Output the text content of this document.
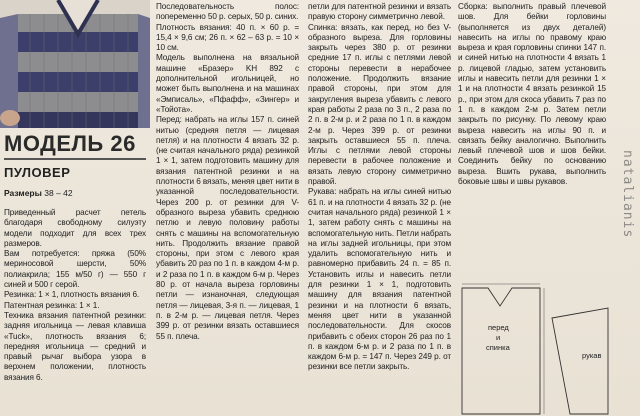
МОДЕЛЬ 26
ПУЛОВЕР
Размеры 38 – 42

Приведенный расчет петель благодаря свободному силуэту модели подходит для всех трех размеров.

Вам потребуется: пряжа (50% мериносовой шерсти, 50% полиакрила; 155 м/50 г) — 550 г синей и 500 г серой.

Резинка: 1 × 1, плотность вязания 6.

Патентная резинка: 1 × 1.

Техника вязания патентной резинки: задняя игольница — левая клавиша «Tuck», плотность вязания 6; передняя игольница — средний и правый рычаг выбора узора в верхнем положении, плотность вязания 6.

Последовательность полос: попеременно 50 р. серых, 50 р. синих.

Плотность вязания: 40 п. × 60 р. = 15,4 × 9,6 см; 26 п. × 62 – 63 р. = 10 × 10 см.

Модель выполнена на вязальной машине «Бразер» KH 892 с дополнительной игольницей, но может быть выполнена и на машинах «Эмписаль», «Пфафф», «Зингер» и «Тойота».

Перед: набрать на иглы 157 п. синей нитью (средняя петля — лицевая петля) и на плотности 4 вязать 32 р. (не считая начального ряда) резинкой 1 × 1, затем подготовить машину для вязания патентной резинки и на плотности 6 вязать, меняя цвет нити в указанной последовательности. Через 200 р. от резинки для V-образного выреза убавить среднюю петлю и левую половину работы снять с машины на вспомогательную нить. Продолжить вязание правой стороны, при этом с левого края убавить 20 раз по 1 п. в каждом 4-м р. и 2 раза по 1 п. в каждом 6-м р. Через 80 р. от начала выреза горловины петли — изнаночная, следующая петля — лицевая, 3-я п. — лицевая, 1 п. в 2-м р. — лицевая петля. Через 399 р. от резинки вязать оставшиеся 55 п. плеча.

петли для патентной резинки и вязать правую сторону симметрично левой.

Спинка: вязать, как перед, но без V-образного выреза. Для горловины закрыть через 380 р. от резинки средние 17 п. иглы с петлями левой стороны перевести в нерабочее положение. Продолжить вязание правой стороны, при этом для закругления выреза убавить с левого края работы 2 раза по 3 п., 2 раза по 2 п. в 2-м р. и 2 раза по 1 п. в каждом 2-м р. Через 399 р. от резинки закрыть оставшиеся 55 п. плеча. Иглы с петлями левой стороны перевести в рабочее положение и вязать левую сторону симметрично правой.

Рукава: набрать на иглы синей нитью 61 п. и на плотности 4 вязать 32 р. (не считая начального ряда) резинкой 1 × 1, затем работу снять с машины на вспомогательную нить. Петли набрать на иглы задней игольницы, при этом удалить вспомогательную нить и равномерно прибавить 24 п. = 85 п. Установить иглы и навесить петли для резинки 1 × 1, подготовить машину для вязания патентной резинки и на плотности 6 вязать, меняя цвет нити в указанной последовательности. Для скосов прибавить с обеих сторон 26 раз по 1 п. в каждом 6-м р. и 2 раза по 1 п. в каждом 6-м р. = 147 п. Через 249 р. от резинки все петли закрыть.

Сборка: выполнить правый плечевой шов. Для бейки горловины (выполняется из двух деталей) навесить на иглы по правому краю выреза и края горловины спинки 147 п. и синей нитью на плотности 4 вязать 1 р. лицевой гладью, затем установить иглы и навесить петли для резинки 1 × 1 и на плотности 4 вязать резинкой 15 р., при этом для скоса убавить 7 раз по 1 п. в каждом 2-м р. Затем петли закрыть по рисунку. По левому краю выреза навесить на иглы 90 п. и связать бейку аналогично. Выполнить левый плечевой шов и шов бейки. Соединить бейку по основанию выреза. Вшить рукава, выполнить боковые швы и швы рукавов.	natalianis
перед
и
спинка
рукав
